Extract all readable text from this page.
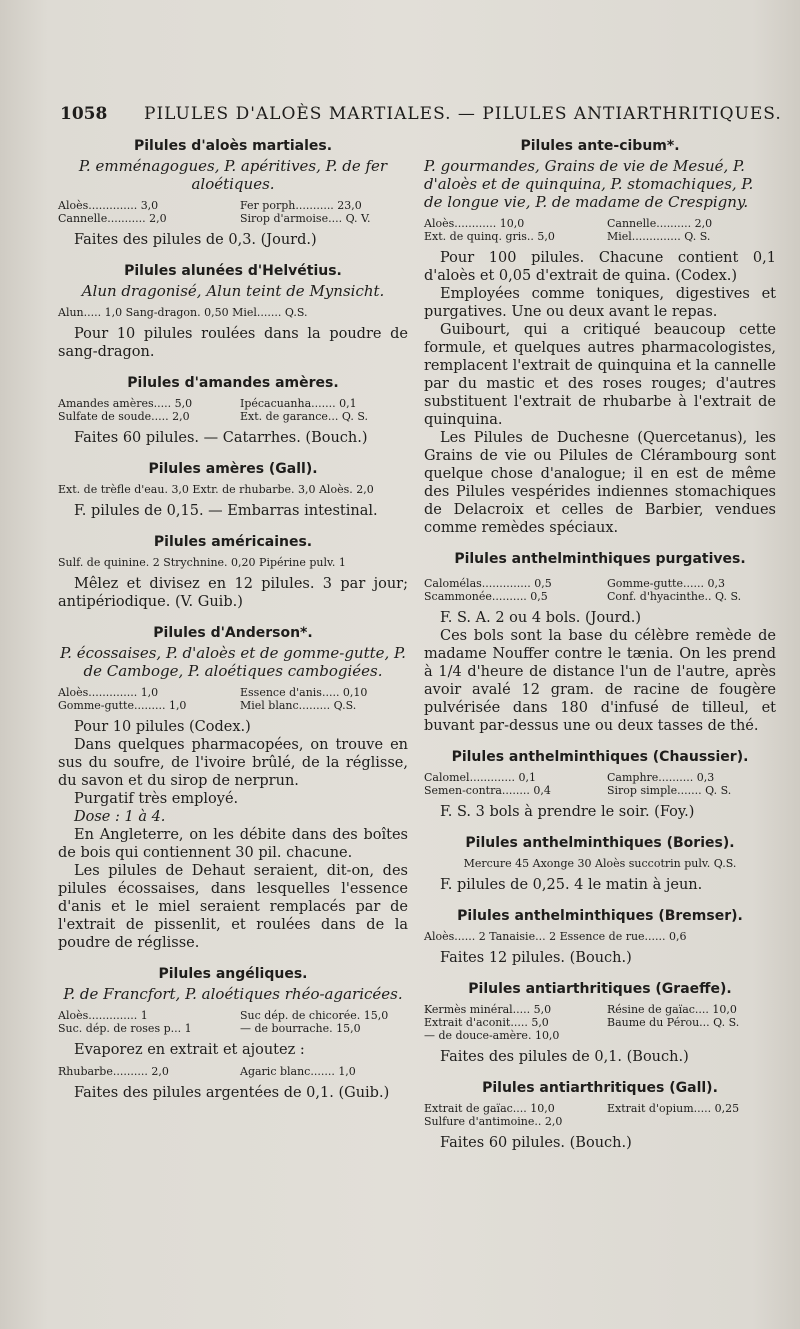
1058 PILULES D'ALOÈS MARTIALES. — PILULES ANTIARTHRITIQUES.
Pilules d'aloès martiales.
P. emménagogues, P. apéritives, P. de fer aloétiques.
Aloès.............. 3,0	Fer porph........... 23,0
Cannelle........... 2,0	Sirop d'armoise.... Q. V.

Faites des pilules de 0,3. (Jourd.)

Pilules alunées d'Helvétius.
Alun dragonisé, Alun teint de Mynsicht.
Alun..... 1,0 Sang-dragon. 0,50 Miel....... Q.S.

Pour 10 pilules roulées dans la poudre de sang-dragon.

Pilules d'amandes amères.
Amandes amères..... 5,0	Ipécacuanha....... 0,1
Sulfate de soude..... 2,0	Ext. de garance... Q. S.

Faites 60 pilules. — Catarrhes. (Bouch.)

Pilules amères (Gall).
Ext. de trèfle d'eau. 3,0 Extr. de rhubarbe. 3,0 Aloès. 2,0

F. pilules de 0,15. — Embarras intestinal.

Pilules américaines.
Sulf. de quinine. 2 Strychnine. 0,20 Pipérine pulv. 1

Mêlez et divisez en 12 pilules. 3 par jour; antipériodique. (V. Guib.)

Pilules d'Anderson*.
P. écossaises, P. d'aloès et de gomme-gutte, P. de Camboge, P. aloétiques cambogiées.
Aloès.............. 1,0	Essence d'anis..... 0,10
Gomme-gutte......... 1,0	Miel blanc......... Q.S.

Pour 10 pilules (Codex.)

Dans quelques pharmacopées, on trouve en sus du soufre, de l'ivoire brûlé, de la réglisse, du savon et du sirop de nerprun.

Purgatif très employé.

Dose : 1 à 4.

En Angleterre, on les débite dans des boîtes de bois qui contiennent 30 pil. chacune.

Les pilules de Dehaut seraient, dit-on, des pilules écossaises, dans lesquelles l'essence d'anis et le miel seraient remplacés par de l'extrait de pissenlit, et roulées dans de la poudre de réglisse.

Pilules angéliques.
P. de Francfort, P. aloétiques rhéo-agaricées.
Aloès.............. 1	Suc dép. de chicorée. 15,0
Suc. dép. de roses p... 1	— de bourrache. 15,0

Evaporez en extrait et ajoutez :

Rhubarbe.......... 2,0	Agaric blanc....... 1,0

Faites des pilules argentées de 0,1. (Guib.)

Pilules ante-cibum*.
P. gourmandes, Grains de vie de Mesué, P. d'aloès et de quinquina, P. stomachiques, P. de longue vie, P. de madame de Crespigny.
Aloès............ 10,0	Cannelle.......... 2,0
Ext. de quinq. gris.. 5,0	Miel.............. Q. S.

Pour 100 pilules. Chacune contient 0,1 d'aloès et 0,05 d'extrait de quina. (Codex.)

Employées comme toniques, digestives et purgatives. Une ou deux avant le repas.

Guibourt, qui a critiqué beaucoup cette formule, et quelques autres pharmacologistes, remplacent l'extrait de quinquina et la cannelle par du mastic et des roses rouges; d'autres substituent l'extrait de rhubarbe à l'extrait de quinquina.

Les Pilules de Duchesne (Quercetanus), les Grains de vie ou Pilules de Clérambourg sont quelque chose d'analogue; il en est de même des Pilules vespérides indiennes stomachiques de Delacroix et celles de Barbier, vendues comme remèdes spéciaux.

Pilules anthelminthiques purgatives.
Calomélas.............. 0,5	Gomme-gutte...... 0,3
Scammonée.......... 0,5	Conf. d'hyacinthe.. Q. S.

F. S. A. 2 ou 4 bols. (Jourd.)

Ces bols sont la base du célèbre remède de madame Nouffer contre le tænia. On les prend à 1/4 d'heure de distance l'un de l'autre, après avoir avalé 12 gram. de racine de fougère pulvérisée dans 180 d'infusé de tilleul, et buvant par-dessus une ou deux tasses de thé.

Pilules anthelminthiques (Chaussier).
Calomel............. 0,1	Camphre.......... 0,3
Semen-contra........ 0,4	Sirop simple....... Q. S.

F. S. 3 bols à prendre le soir. (Foy.)

Pilules anthelminthiques (Bories).
Mercure 45 Axonge 30 Aloès succotrin pulv. Q.S.

F. pilules de 0,25. 4 le matin à jeun.

Pilules anthelminthiques (Bremser).
Aloès...... 2 Tanaisie... 2 Essence de rue...... 0,6

Faites 12 pilules. (Bouch.)

Pilules antiarthritiques (Graeffe).
Kermès minéral..... 5,0	Résine de gaïac.... 10,0
Extrait d'aconit..... 5,0	Baume du Pérou... Q. S.
— de douce-amère. 10,0

Faites des pilules de 0,1. (Bouch.)

Pilules antiarthritiques (Gall).
Extrait de gaïac.... 10,0	Extrait d'opium..... 0,25
Sulfure d'antimoine.. 2,0

Faites 60 pilules. (Bouch.)
